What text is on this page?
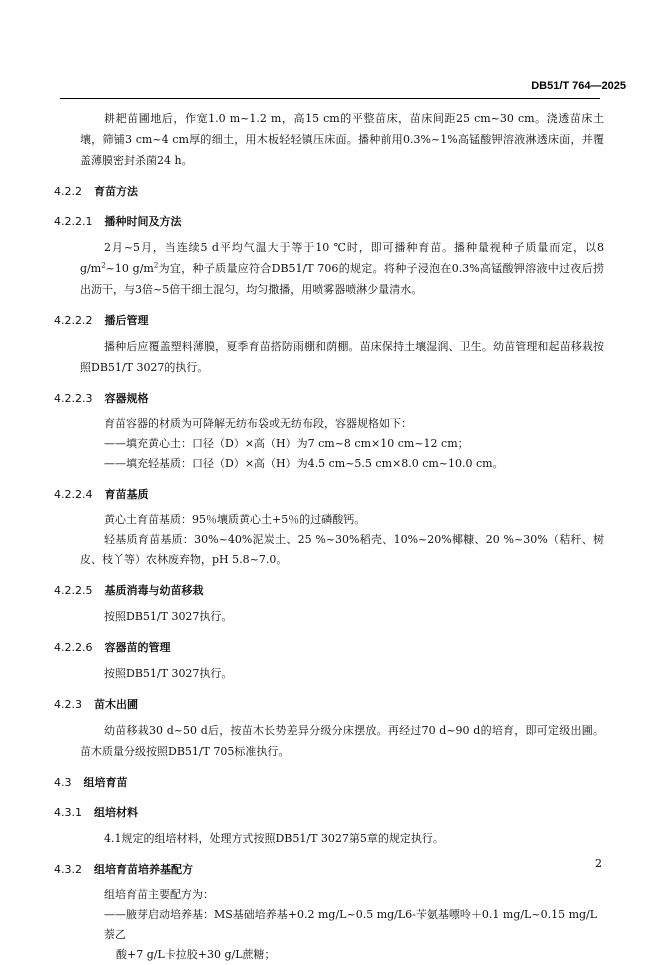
DB51/T 764—2025

耕耙苗圃地后，作宽1.0 m~1.2 m，高15 cm的平整苗床，苗床间距25 cm~30 cm。浇透苗床土壤，筛铺3 cm~4 cm厚的细土，用木板轻轻镇压床面。播种前用0.3%~1%高锰酸钾溶液淋透床面，并覆盖薄膜密封杀菌24 h。

4.2.2 育苗方法
4.2.2.1 播种时间及方法

2月~5月，当连续5 d平均气温大于等于10 ℃时，即可播种育苗。播种量视种子质量而定，以8 $g/m^2\sim 10$ $g/m^2$为宜，种子质量应符合DB51/T 706的规定。将种子浸泡在0.3%高锰酸钾溶液中过夜后捞出沥干，与3倍~5倍干细土混匀，均匀撒播，用喷雾器喷淋少量清水。

4.2.2.2 播后管理

播种后应覆盖塑料薄膜，夏季育苗搭防雨棚和荫棚。苗床保持土壤湿润、卫生。幼苗管理和起苗移栽按照DB51/T 3027的执行。

4.2.2.3 容器规格

育苗容器的材质为可降解无纺布袋或无纺布段，容器规格如下：

——填充黄心土：口径（D）×高（H）为7 cm~8 cm×10 cm~12 cm；

——填充轻基质：口径（D）×高（H）为4.5 cm~5.5 cm×8.0 cm~10.0 cm。

4.2.2.4 育苗基质

黄心土育苗基质：95％壤质黄心土+5％的过磷酸钙。

轻基质育苗基质：30%~40%泥炭土、25 %~30%稻壳、10%~20%椰糠、20 %~30%（秸秆、树皮、枝丫等）农林废弃物，pH 5.8~7.0。

4.2.2.5 基质消毒与幼苗移栽

按照DB51/T 3027执行。

4.2.2.6 容器苗的管理

按照DB51/T 3027执行。

4.2.3 苗木出圃

幼苗移栽30 d~50 d后，按苗木长势差异分级分床摆放。再经过70 d~90 d的培育，即可定级出圃。苗木质量分级按照DB51/T 705标准执行。

4.3 组培育苗
4.3.1 组培材料

4.1规定的组培材料，处理方式按照DB51/T 3027第5章的规定执行。

4.3.2 组培育苗培养基配方

组培育苗主要配方为：

——腋芽启动培养基：MS基础培养基+0.2 mg/L~0.5 mg/L6-苄氨基嘌呤＋0.1 mg/L~0.15 mg/L萘乙
酸+7 g/L卡拉胶+30 g/L蔗糖；

2
